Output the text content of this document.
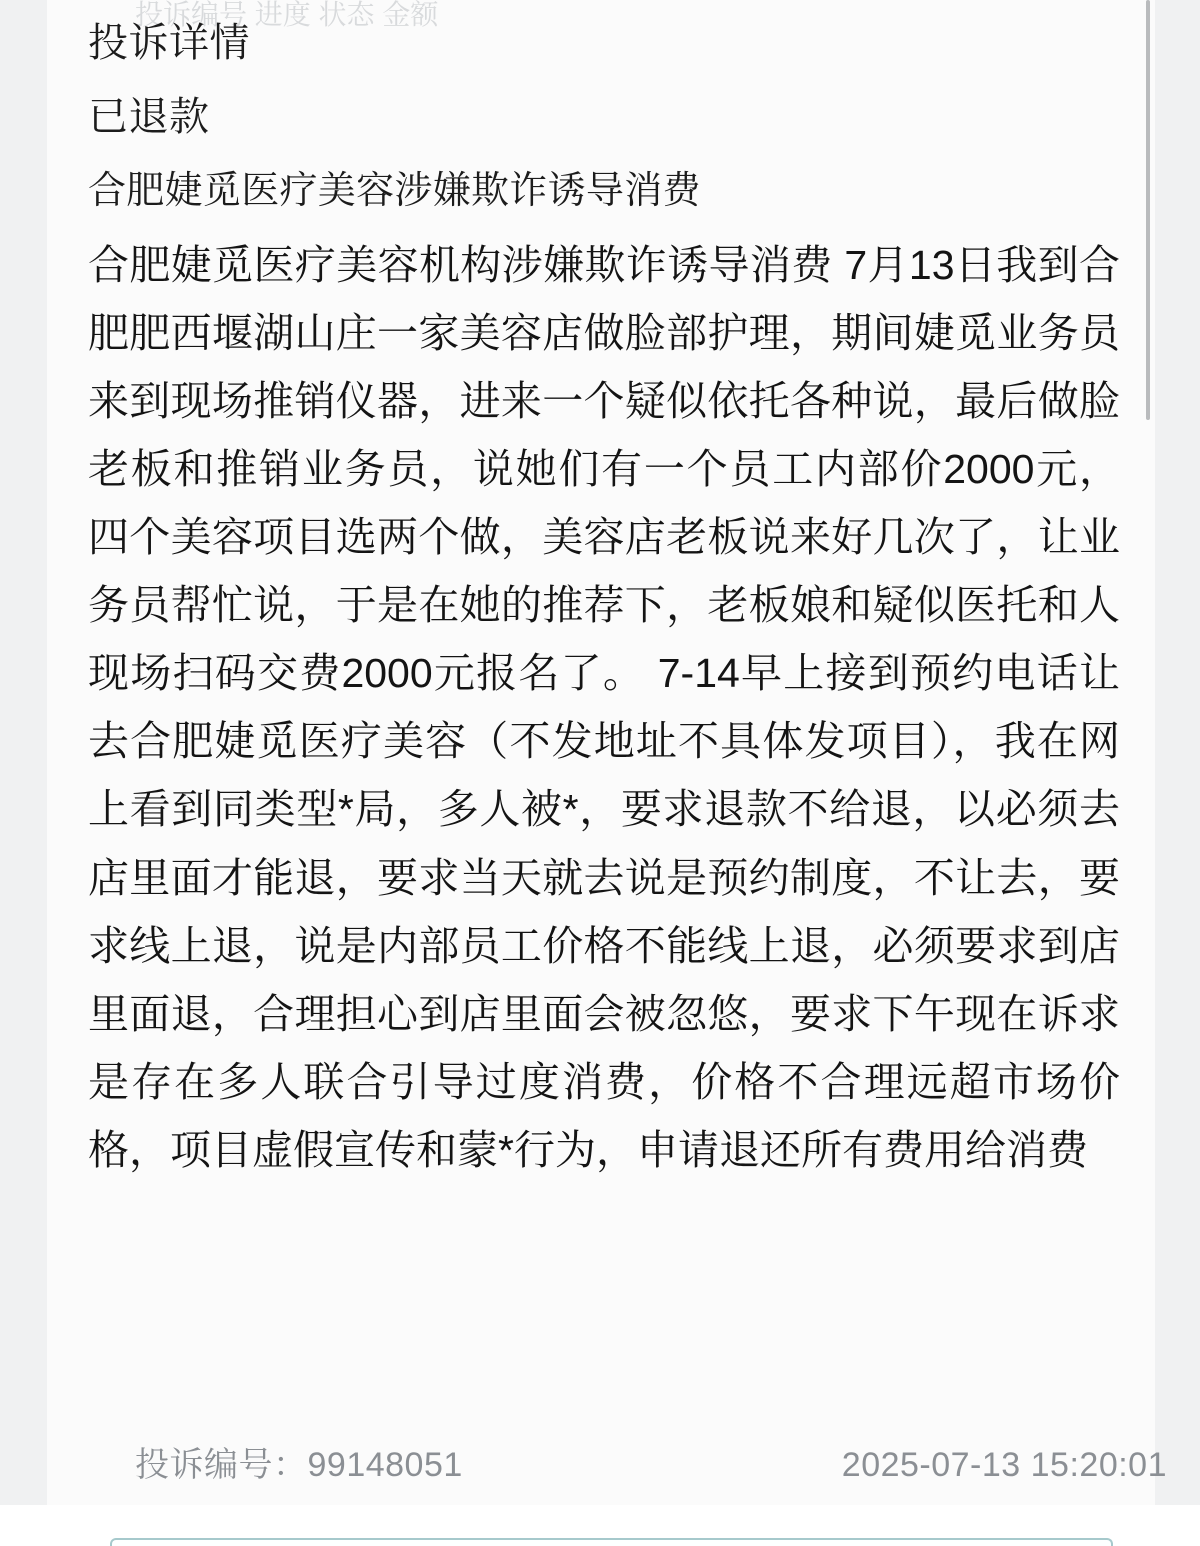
投诉编号 进度 状态 金额
投诉详情
已退款
合肥婕觅医疗美容涉嫌欺诈诱导消费

合肥婕觅医疗美容机构涉嫌欺诈诱导消费 7月13日我到合肥肥西堰湖山庄一家美容店做脸部护理，期间婕觅业务员来到现场推销仪器，进来一个疑似依托各种说，最后做脸老板和推销业务员，说她们有一个员工内部价2000元，四个美容项目选两个做，美容店老板说来好几次了，让业务员帮忙说，于是在她的推荐下，老板娘和疑似医托和人现场扫码交费2000元报名了。 7-14早上接到预约电话让去合肥婕觅医疗美容（不发地址不具体发项目），我在网上看到同类型*局，多人被*，要求退款不给退，以必须去店里面才能退，要求当天就去说是预约制度，不让去，要求线上退，说是内部员工价格不能线上退，必须要求到店里面退，合理担心到店里面会被忽悠，要求下午现在诉求是存在多人联合引导过度消费，价格不合理远超市场价格，项目虚假宣传和蒙*行为，申请退还所有费用给消费

投诉编号：99148051	2025-07-13 15:20:01
